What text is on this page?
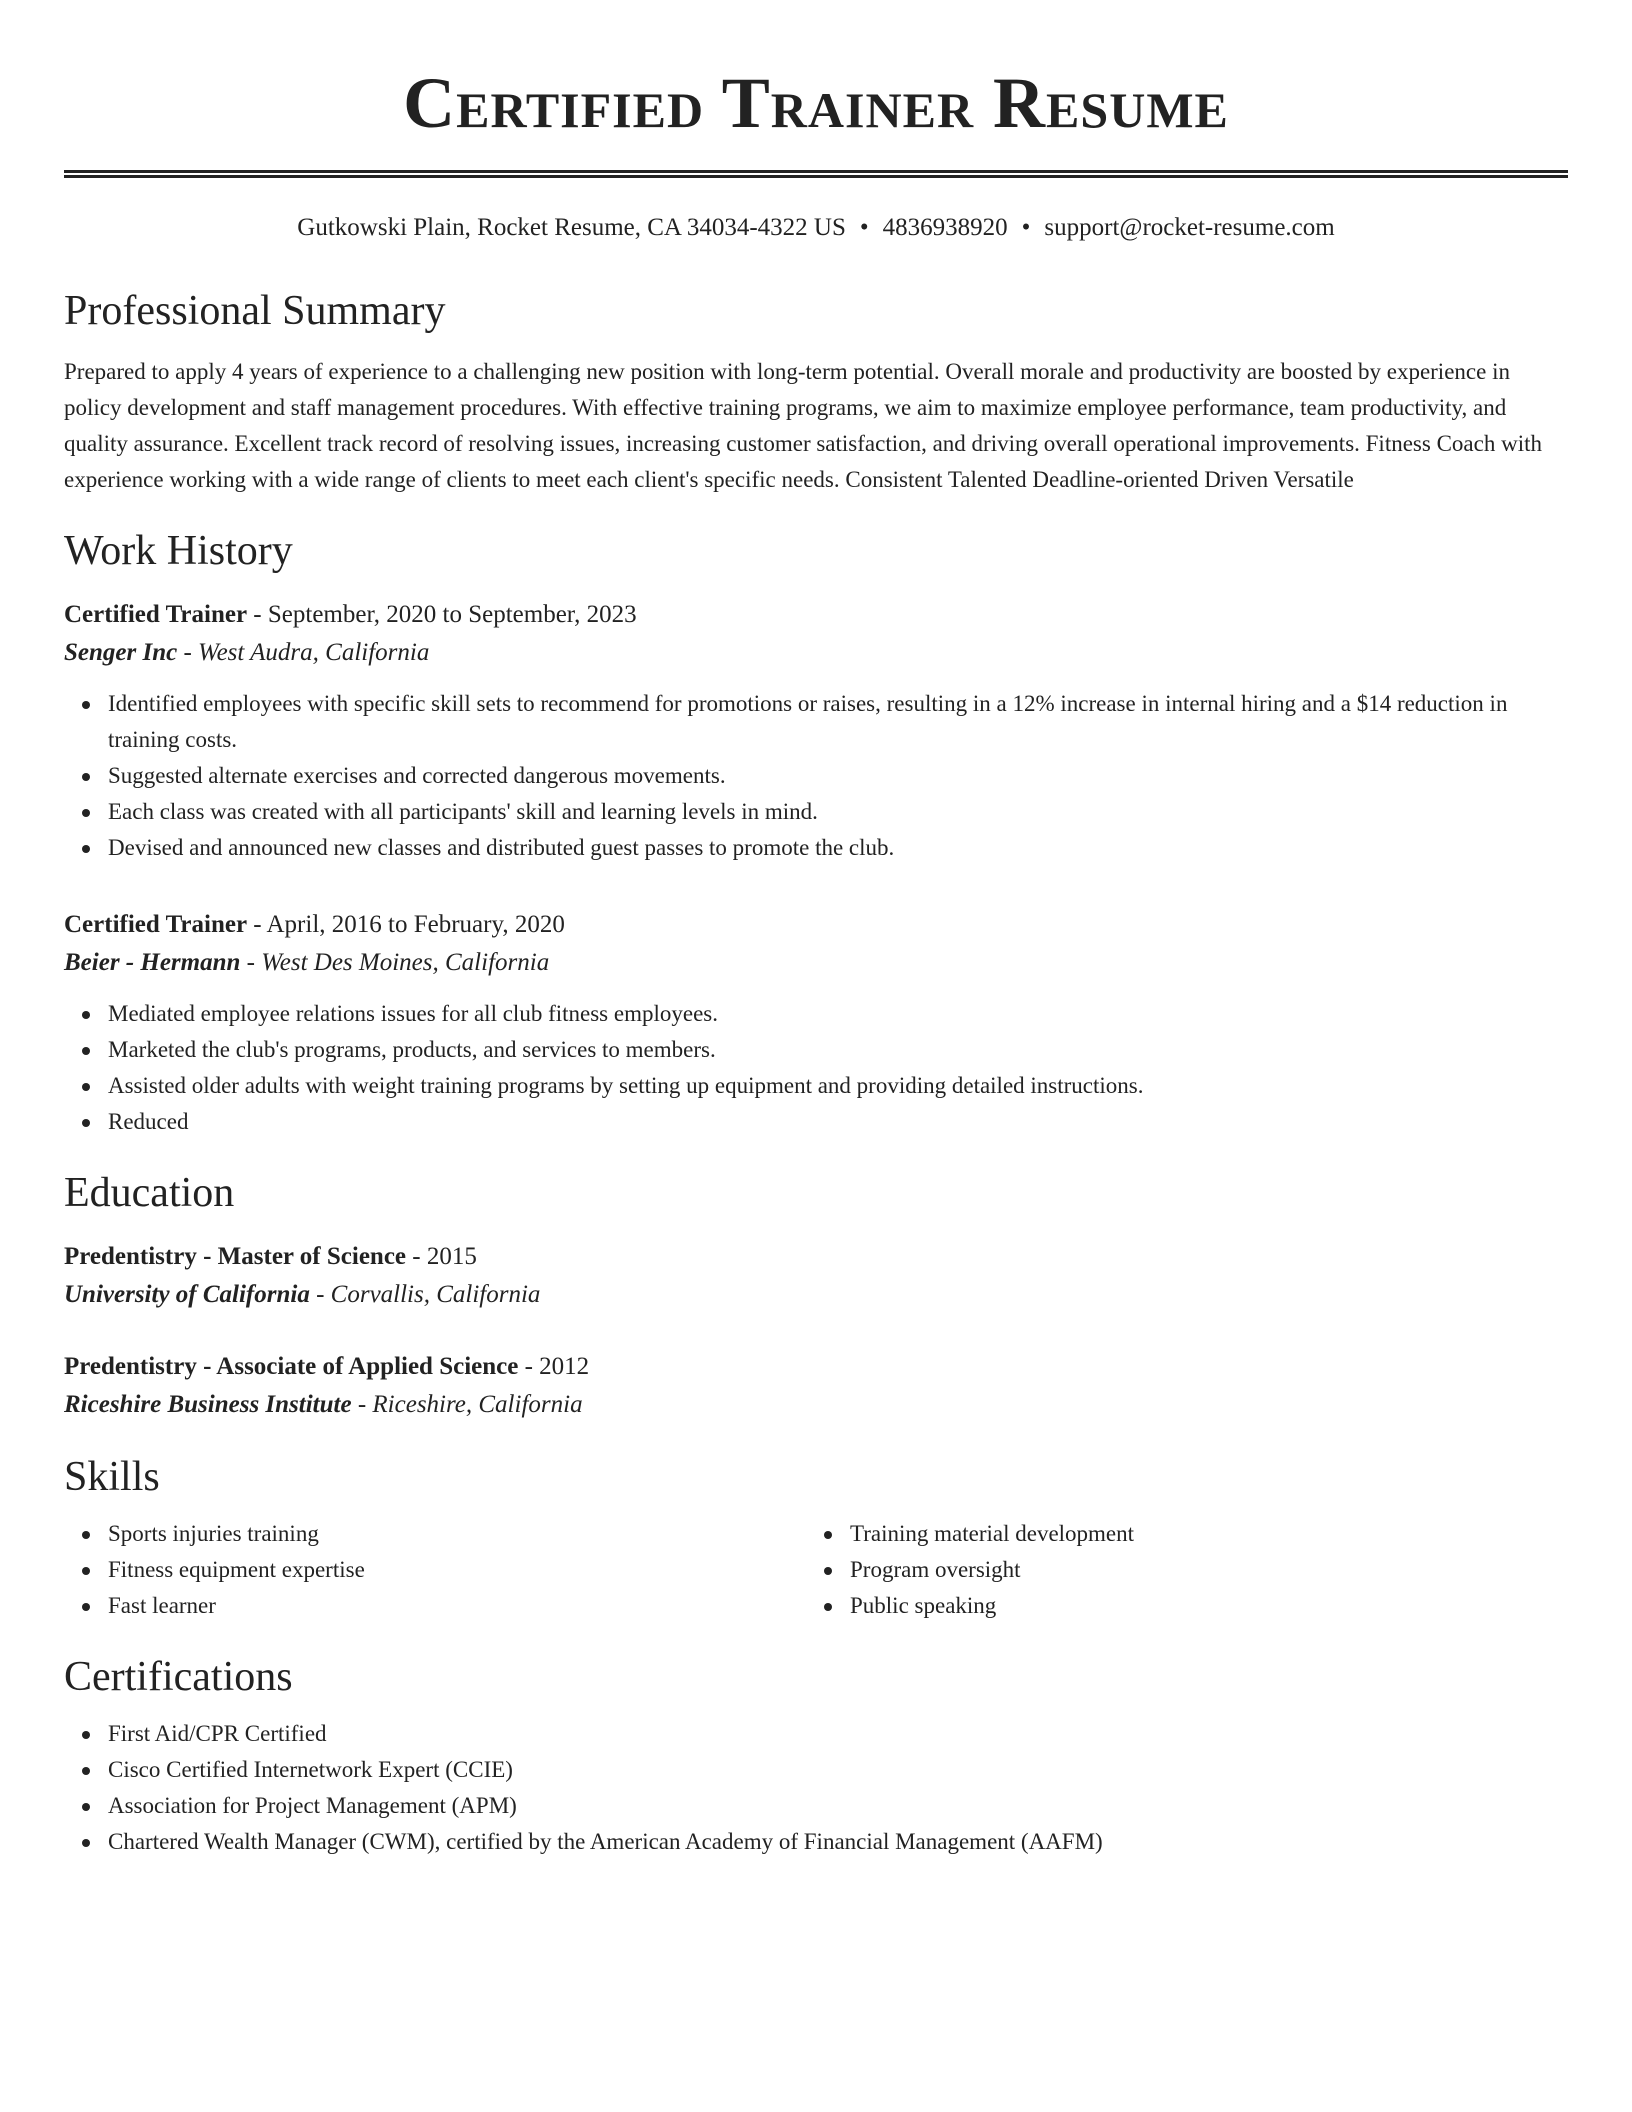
Certified Trainer Resume
Gutkowski Plain, Rocket Resume, CA 34034-4322 US • 4836938920 • support@rocket-resume.com
Professional Summary

Prepared to apply 4 years of experience to a challenging new position with long-term potential. Overall morale and productivity are boosted by experience in policy development and staff management procedures. With effective training programs, we aim to maximize employee performance, team productivity, and quality assurance. Excellent track record of resolving issues, increasing customer satisfaction, and driving overall operational improvements. Fitness Coach with experience working with a wide range of clients to meet each client's specific needs. Consistent Talented Deadline-oriented Driven Versatile

Work History
Certified Trainer - September, 2020 to September, 2023
Senger Inc - West Audra, California
Identified employees with specific skill sets to recommend for promotions or raises, resulting in a 12% increase in internal hiring and a $14 reduction in training costs.
Suggested alternate exercises and corrected dangerous movements.
Each class was created with all participants' skill and learning levels in mind.
Devised and announced new classes and distributed guest passes to promote the club.
Certified Trainer - April, 2016 to February, 2020
Beier - Hermann - West Des Moines, California
Mediated employee relations issues for all club fitness employees.
Marketed the club's programs, products, and services to members.
Assisted older adults with weight training programs by setting up equipment and providing detailed instructions.
Reduced
Education
Predentistry - Master of Science - 2015
University of California - Corvallis, California
Predentistry - Associate of Applied Science - 2012
Riceshire Business Institute - Riceshire, California
Skills
Sports injuries training
Fitness equipment expertise
Fast learner
Training material development
Program oversight
Public speaking
Certifications
First Aid/CPR Certified
Cisco Certified Internetwork Expert (CCIE)
Association for Project Management (APM)
Chartered Wealth Manager (CWM), certified by the American Academy of Financial Management (AAFM)
